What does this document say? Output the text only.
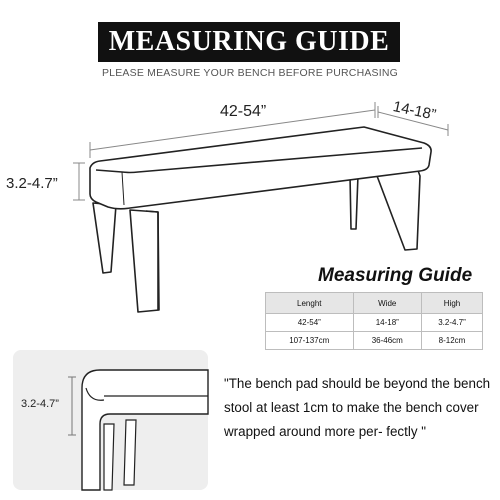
MEASURING GUIDE
PLEASE MEASURE YOUR BENCH BEFORE PURCHASING
42-54”	14-18”
3.2-4.7”
3.2-4.7”
Measuring Guide
Lenght	Wide	High
42-54”	14-18”	3.2-4.7”
107-137cm	36-46cm	8-12cm
"The bench pad should be beyond the bench stool at least 1cm to make the bench cover wrapped around more per- fectly "
